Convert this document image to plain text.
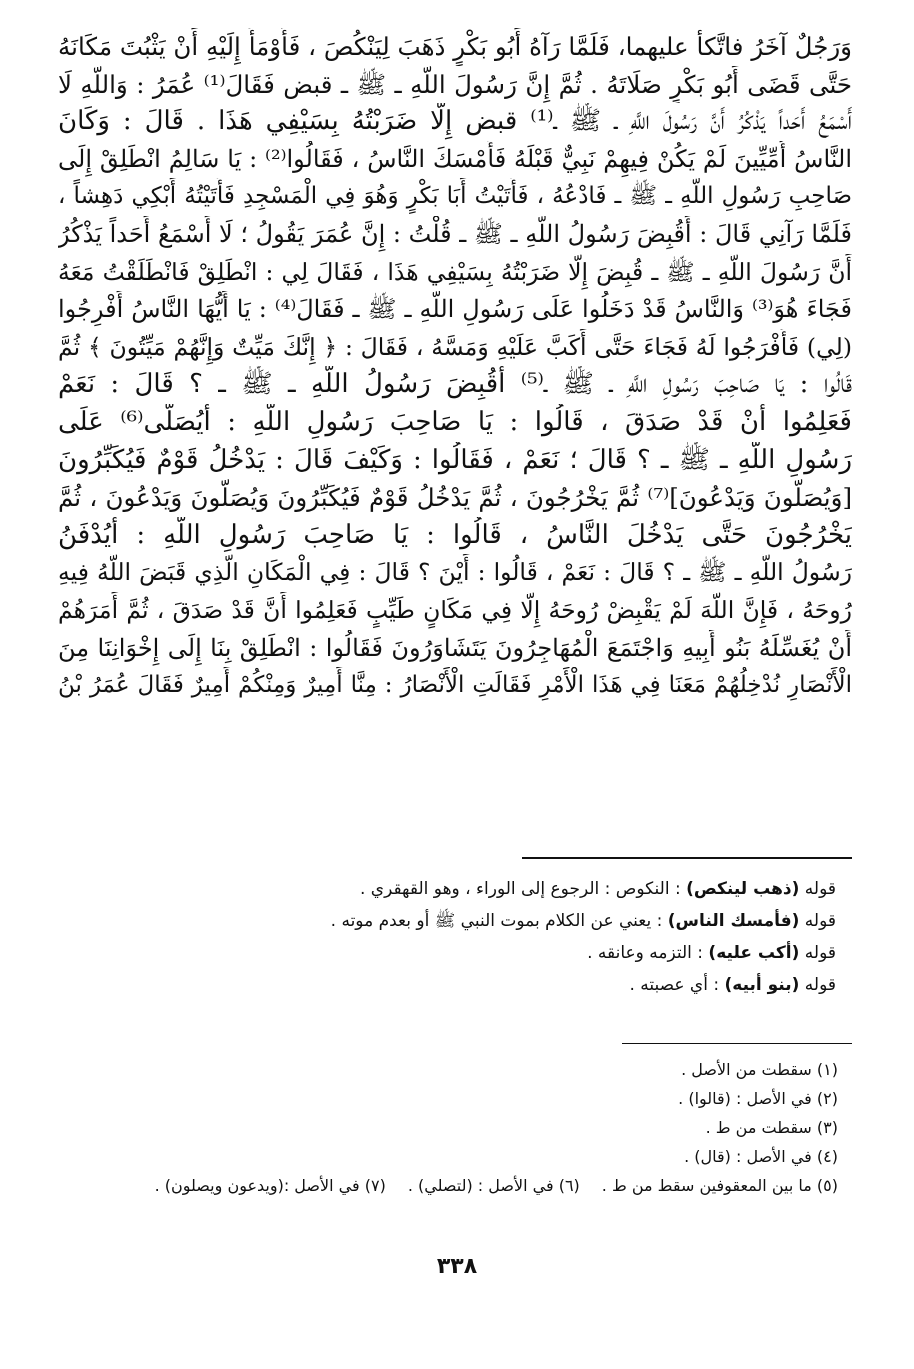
وَرَجُلٌ آخَرُ فاتَّكأ عليهما، فَلَمَّا رَآهُ أَبُو بَكْرٍ ذَهَبَ لِيَنْكُصَ ، فَأَوْمَأَ إِلَيْهِ أَنْ يَثْبُتَ مَكَانَهُ
حَتَّى قَضَى أَبُو بَكْرٍ صَلَاتَهُ . ثُمَّ إِنَّ رَسُولَ اللَّهِ ـ ﷺ ـ قبض فَقَالَ⁽¹⁾ عُمَرُ : وَاللَّهِ لَا
أَسْمَعُ أَحَداً يَذْكُرُ أَنَّ رَسُولَ اللَّهِ ـ ﷺ ـ⁽¹⁾ قبض إِلَّا ضَرَبْتُهُ بِسَيْفِي هَذَا . قَالَ : وَكَانَ
النَّاسُ أُمِّيِّينَ لَمْ يَكُنْ فِيهِمْ نَبِيٌّ قَبْلَهُ فَأَمْسَكَ النَّاسُ ، فَقَالُوا⁽²⁾ : يَا سَالِمُ انْطَلِقْ إِلَى
صَاحِبِ رَسُولِ اللَّهِ ـ ﷺ ـ فَادْعُهُ ، فَأَتَيْتُ أَبَا بَكْرٍ وَهُوَ فِي الْمَسْجِدِ فَأَتَيْتُهُ أَبْكِي دَهِشاً ،
فَلَمَّا رَآنِي قَالَ : أَقُبِضَ رَسُولُ اللَّهِ ـ ﷺ ـ قُلْتُ : إِنَّ عُمَرَ يَقُولُ ؛ لَا أَسْمَعُ أَحَداً يَذْكُرُ
أَنَّ رَسُولَ اللَّهِ ـ ﷺ ـ قُبِضَ إِلَّا ضَرَبْتُهُ بِسَيْفِي هَذَا ، فَقَالَ لِي : انْطَلِقْ فَانْطَلَقْتُ مَعَهُ
فَجَاءَ هُوَ⁽³⁾ وَالنَّاسُ قَدْ دَخَلُوا عَلَى رَسُولِ اللَّهِ ـ ﷺ ـ فَقَالَ⁽⁴⁾ : يَا أَيُّهَا النَّاسُ أَفْرِجُوا
(لِي) فَأَفْرَجُوا لَهُ فَجَاءَ حَتَّى أَكَبَّ عَلَيْهِ وَمَسَّهُ ، فَقَالَ : ﴿ إِنَّكَ مَيِّتٌ وَإِنَّهُمْ مَيِّتُونَ ﴾ ثُمَّ
قَالُوا : يَا صَاحِبَ رَسُولِ اللَّهِ ـ ﷺ ـ⁽⁵⁾ أَقُبِضَ رَسُولُ اللَّهِ ـ ﷺ ـ ؟ قَالَ : نَعَمْ
فَعَلِمُوا أَنْ قَدْ صَدَقَ ، قَالُوا : يَا صَاحِبَ رَسُولِ اللَّهِ : أَيُصَلَّى⁽⁶⁾ عَلَى
رَسُولِ اللَّهِ ـ ﷺ ـ ؟ قَالَ ؛ نَعَمْ ، فَقَالُوا : وَكَيْفَ قَالَ : يَدْخُلُ قَوْمٌ فَيُكَبِّرُونَ
[وَيُصَلُّونَ وَيَدْعُونَ]⁽⁷⁾ ثُمَّ يَخْرُجُونَ ، ثُمَّ يَدْخُلُ قَوْمٌ فَيُكَبِّرُونَ وَيُصَلُّونَ وَيَدْعُونَ ، ثُمَّ
يَخْرُجُونَ حَتَّى يَدْخُلَ النَّاسُ ، قَالُوا : يَا صَاحِبَ رَسُولِ اللَّهِ : أَيُدْفَنُ
رَسُولُ اللَّهِ ـ ﷺ ـ ؟ قَالَ : نَعَمْ ، قَالُوا : أَيْنَ ؟ قَالَ : فِي الْمَكَانِ الَّذِي قَبَضَ اللَّهُ فِيهِ
رُوحَهُ ، فَإِنَّ اللَّهَ لَمْ يَقْبِضْ رُوحَهُ إِلَّا فِي مَكَانٍ طَيِّبٍ فَعَلِمُوا أَنَّ قَدْ صَدَقَ ، ثُمَّ أَمَرَهُمْ
أَنْ يُغَسِّلَهُ بَنُو أَبِيهِ وَاجْتَمَعَ الْمُهَاجِرُونَ يَتَشَاوَرُونَ فَقَالُوا : انْطَلِقْ بِنَا إِلَى إِخْوَانِنَا مِنَ
الْأَنْصَارِ نُدْخِلُهُمْ مَعَنَا فِي هَذَا الْأَمْرِ فَقَالَتِ الْأَنْصَارُ : مِنَّا أَمِيرٌ وَمِنْكُمْ أَمِيرٌ فَقَالَ عُمَرُ بْنُ
قوله (ذهب لينكص) : النكوص : الرجوع إلى الوراء ، وهو القهقري .
قوله (فأمسك الناس) : يعني عن الكلام بموت النبي ﷺ أو بعدم موته .
قوله (أكب عليه) : التزمه وعانقه .
قوله (بنو أبيه) : أي عصبته .
(١) سقطت من الأصل .
(٢) في الأصل : (قالوا) .
(٣) سقطت من ط .
(٤) في الأصل : (قال) .
(٥) ما بين المعقوفين سقط من ط .(٦) في الأصل : (لتصلي) .(٧) في الأصل :(ويدعون ويصلون) .
٣٣٨
